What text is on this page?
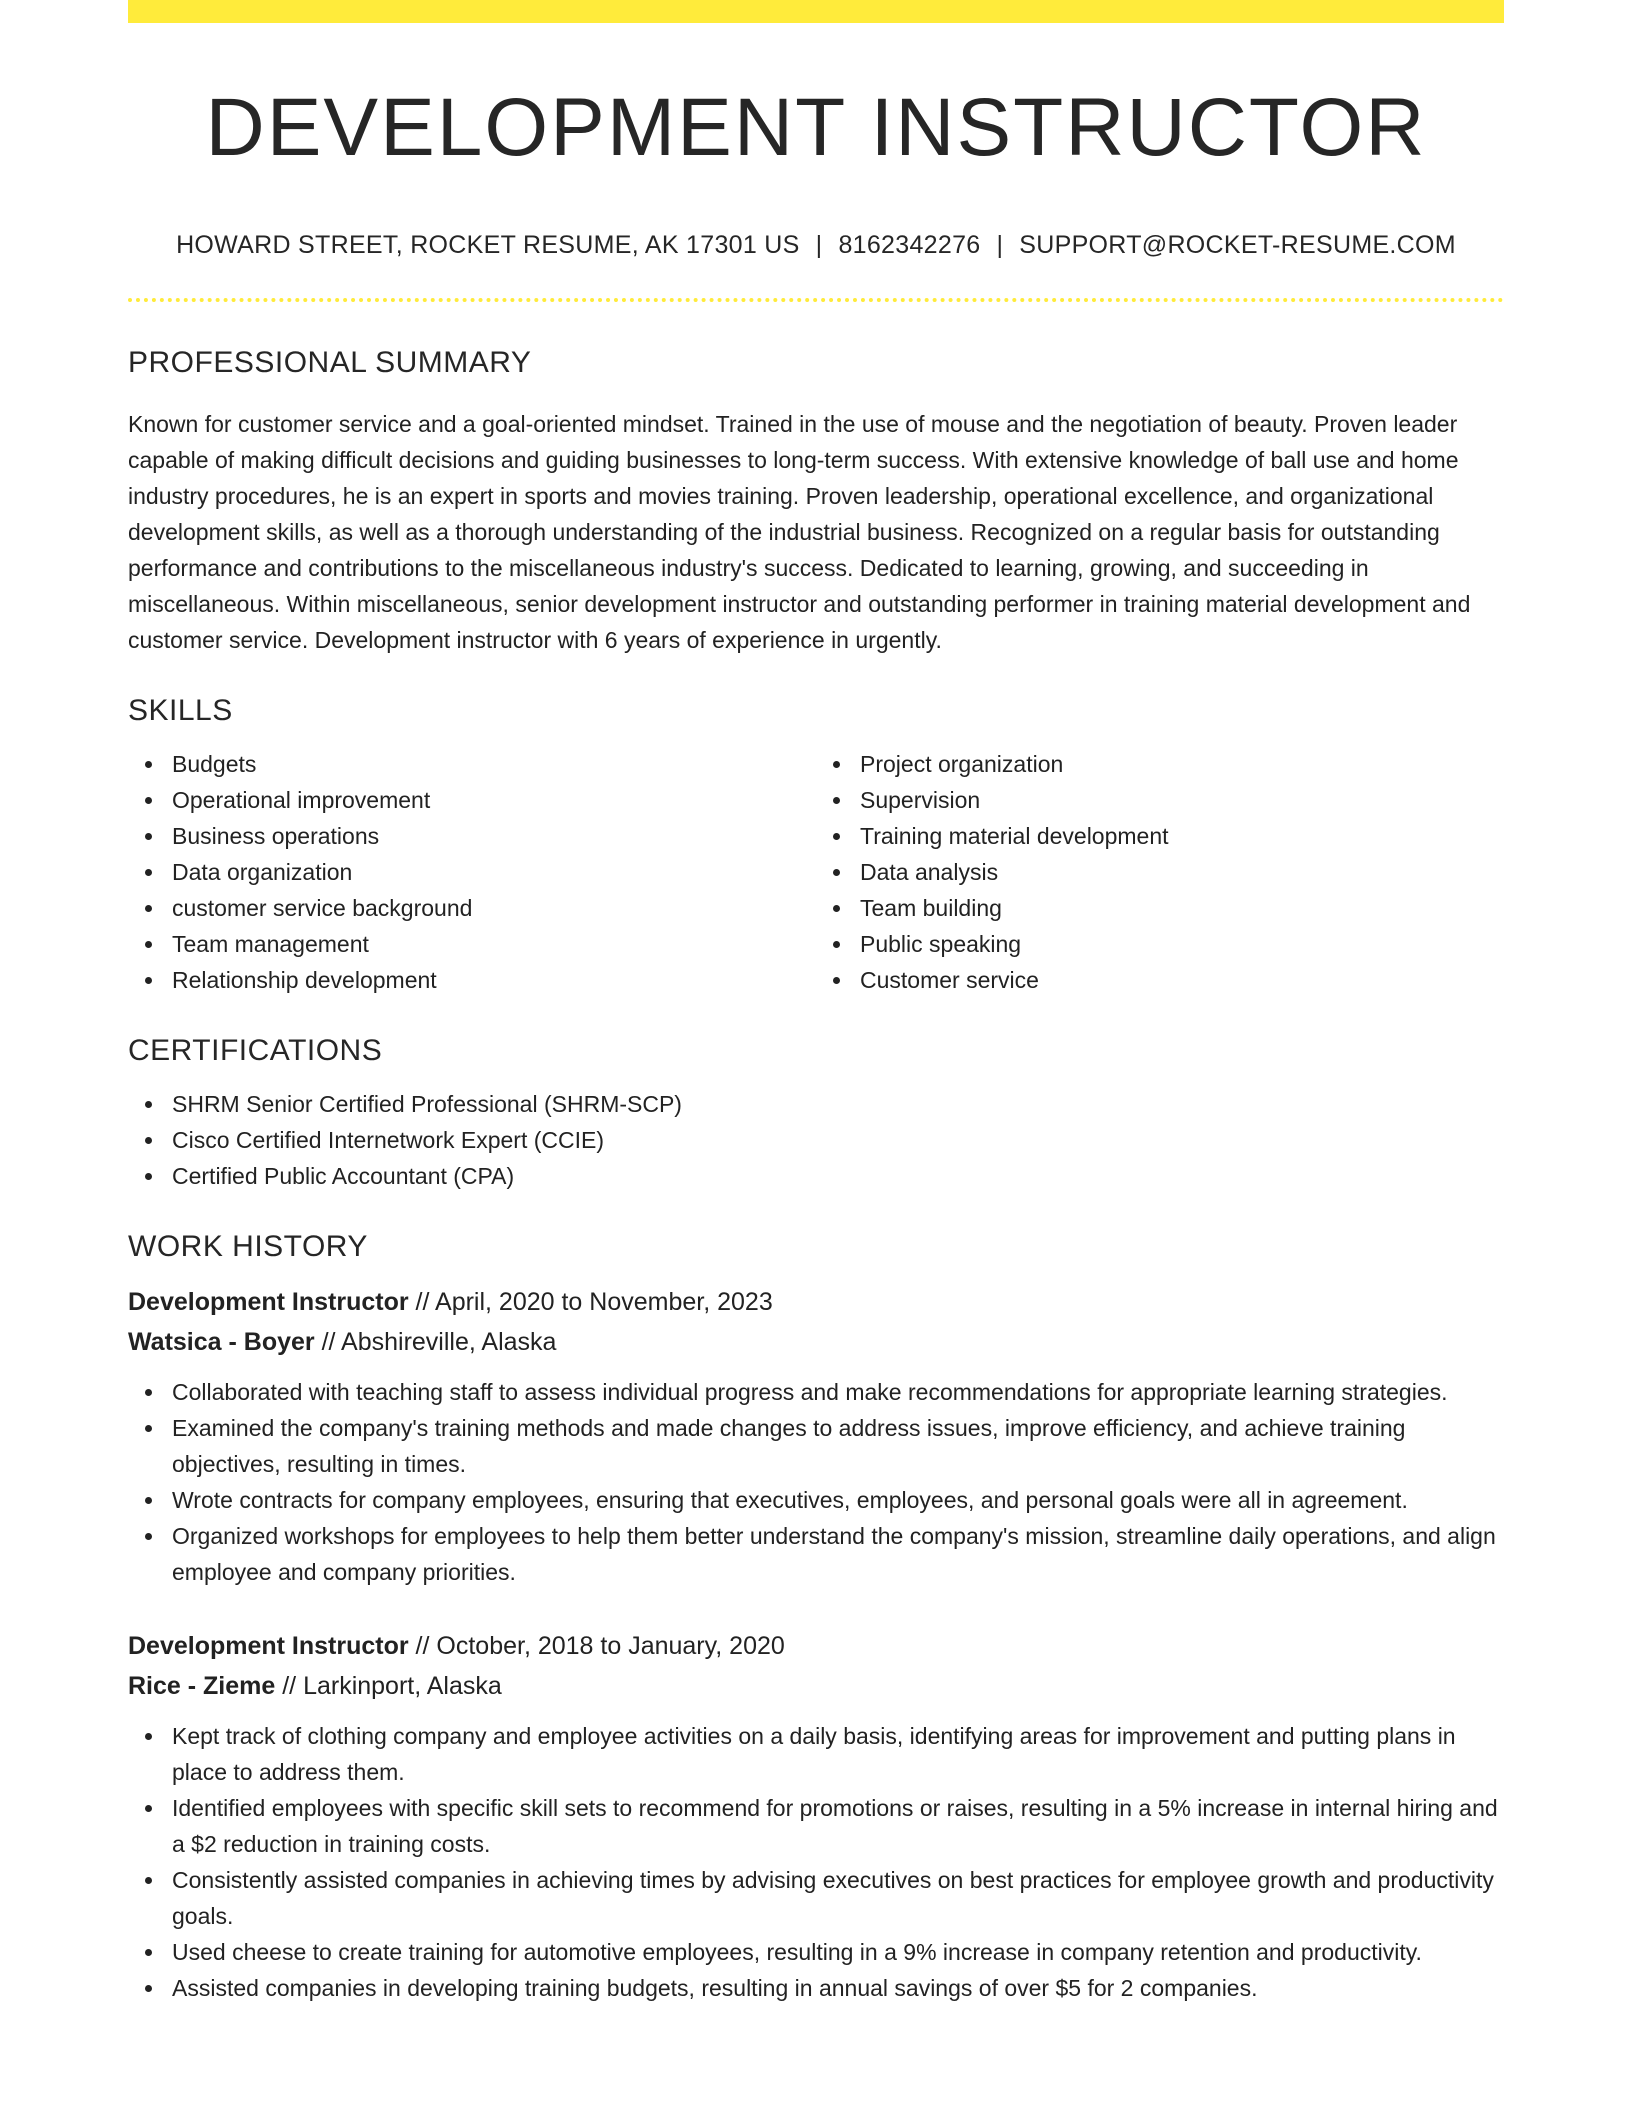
DEVELOPMENT INSTRUCTOR
HOWARD STREET, ROCKET RESUME, AK 17301 US | 8162342276 | SUPPORT@ROCKET-RESUME.COM
PROFESSIONAL SUMMARY

Known for customer service and a goal-oriented mindset. Trained in the use of mouse and the negotiation of beauty. Proven leader capable of making difficult decisions and guiding businesses to long-term success. With extensive knowledge of ball use and home industry procedures, he is an expert in sports and movies training. Proven leadership, operational excellence, and organizational development skills, as well as a thorough understanding of the industrial business. Recognized on a regular basis for outstanding performance and contributions to the miscellaneous industry's success. Dedicated to learning, growing, and succeeding in miscellaneous. Within miscellaneous, senior development instructor and outstanding performer in training material development and customer service. Development instructor with 6 years of experience in urgently.

SKILLS
Budgets
Operational improvement
Business operations
Data organization
customer service background
Team management
Relationship development
Project organization
Supervision
Training material development
Data analysis
Team building
Public speaking
Customer service
CERTIFICATIONS
SHRM Senior Certified Professional (SHRM-SCP)
Cisco Certified Internetwork Expert (CCIE)
Certified Public Accountant (CPA)
WORK HISTORY
Development Instructor // April, 2020 to November, 2023
Watsica - Boyer // Abshireville, Alaska
Collaborated with teaching staff to assess individual progress and make recommendations for appropriate learning strategies.
Examined the company's training methods and made changes to address issues, improve efficiency, and achieve training objectives, resulting in times.
Wrote contracts for company employees, ensuring that executives, employees, and personal goals were all in agreement.
Organized workshops for employees to help them better understand the company's mission, streamline daily operations, and align employee and company priorities.
Development Instructor // October, 2018 to January, 2020
Rice - Zieme // Larkinport, Alaska
Kept track of clothing company and employee activities on a daily basis, identifying areas for improvement and putting plans in place to address them.
Identified employees with specific skill sets to recommend for promotions or raises, resulting in a 5% increase in internal hiring and a $2 reduction in training costs.
Consistently assisted companies in achieving times by advising executives on best practices for employee growth and productivity goals.
Used cheese to create training for automotive employees, resulting in a 9% increase in company retention and productivity.
Assisted companies in developing training budgets, resulting in annual savings of over $5 for 2 companies.
